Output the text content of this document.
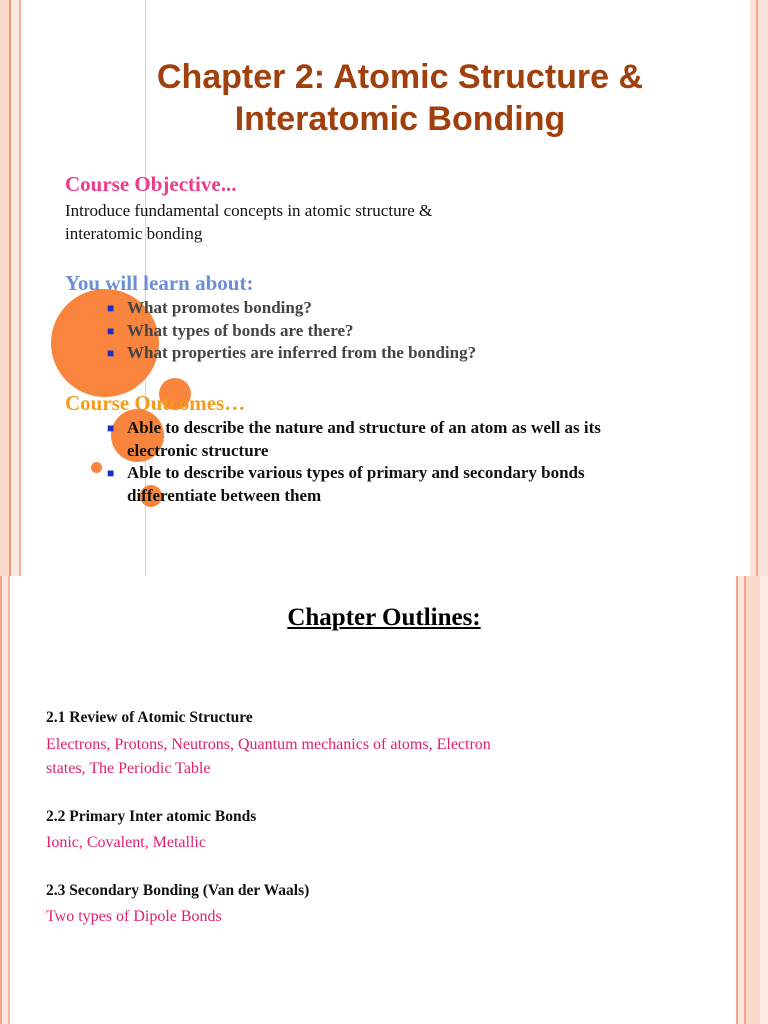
Chapter 2: Atomic Structure &
Interatomic Bonding

Course Objective...

Introduce fundamental concepts in atomic structure &

interatomic bonding

You will learn about:

■ What promotes bonding?
■ What types of bonds are there?
■ What properties are inferred from the bonding?

Course Outcomes…

■ Able to describe the nature and structure of an atom as well as its
electronic structure
■ Able to describe various types of primary and secondary bonds
differentiate between them
Chapter Outlines:

2.1 Review of Atomic Structure

Electrons, Protons, Neutrons, Quantum mechanics of atoms, Electron

states, The Periodic Table

2.2 Primary Inter atomic Bonds

Ionic, Covalent, Metallic

2.3 Secondary Bonding (Van der Waals)

Two types of Dipole Bonds
